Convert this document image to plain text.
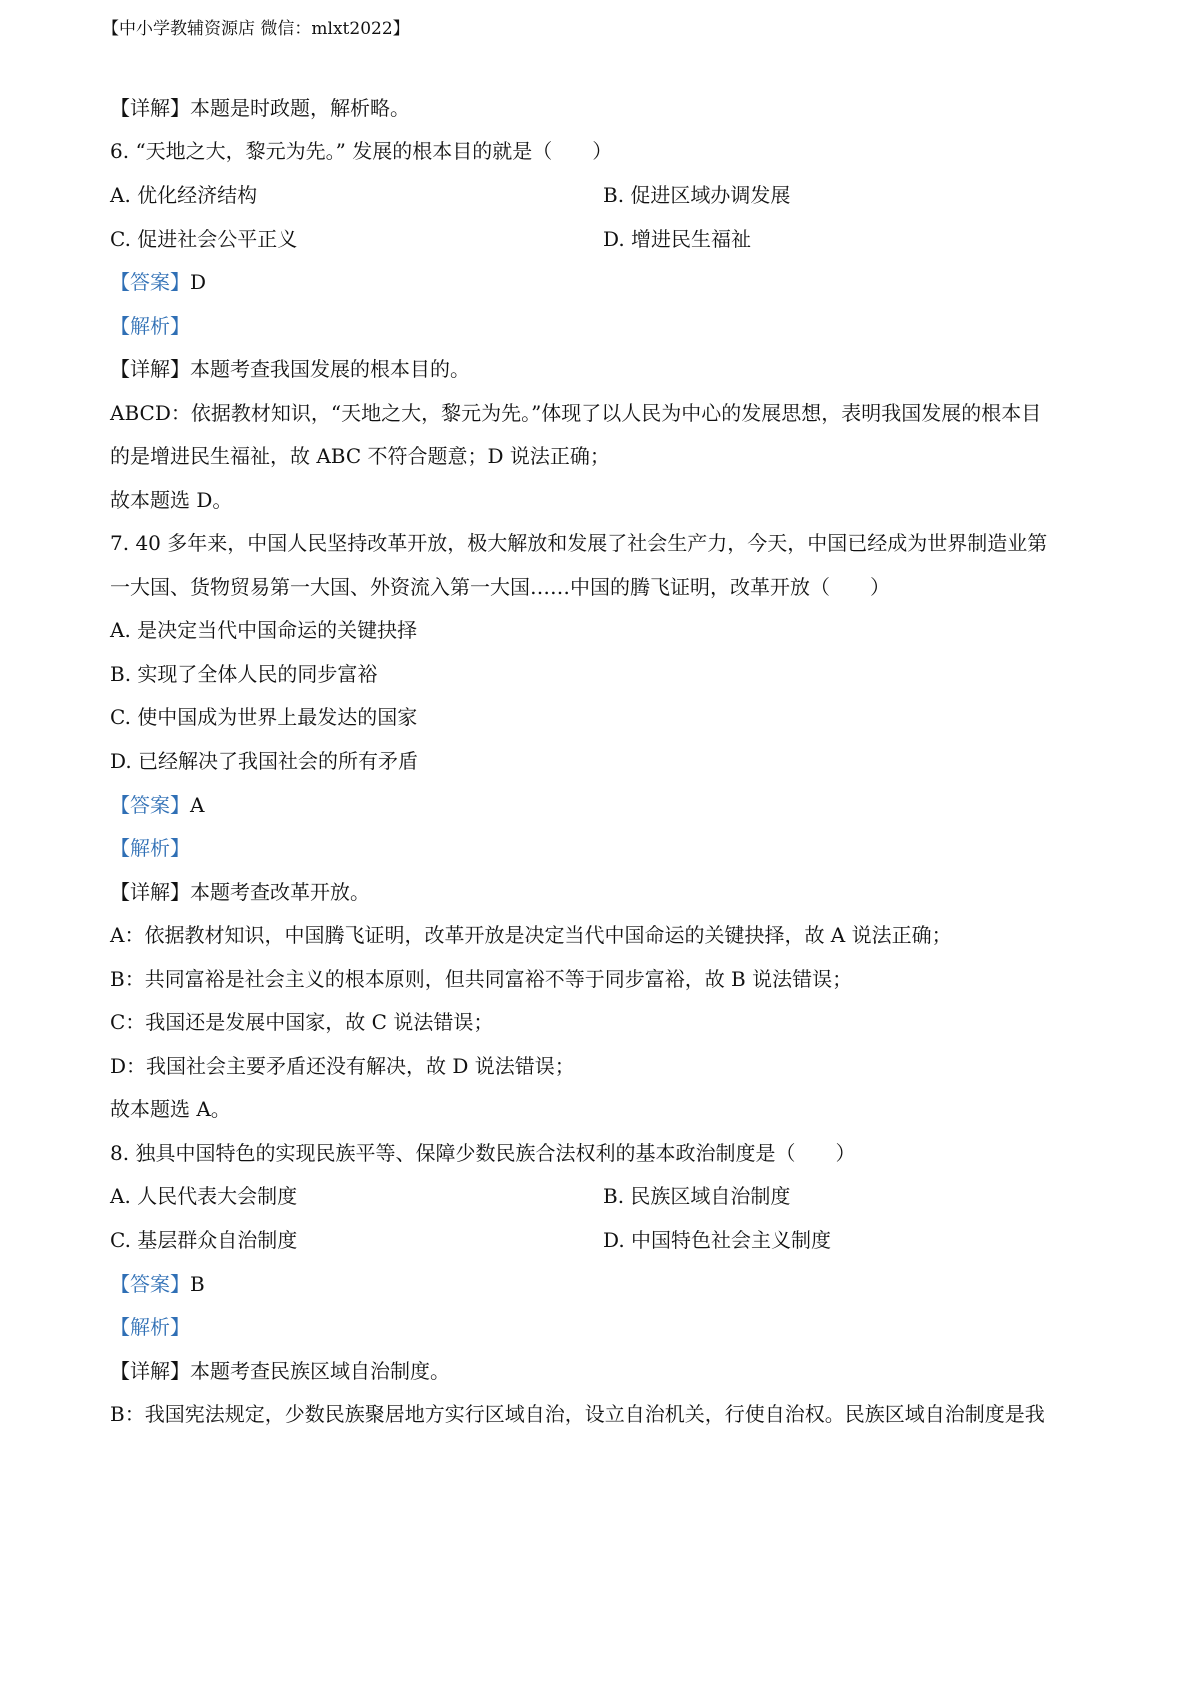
【中小学教辅资源店 微信：mlxt2022】
【详解】本题是时政题，解析略。
6. “天地之大，黎元为先。” 发展的根本目的就是（　　）
A. 优化经济结构	B. 促进区域办调发展
C. 促进社会公平正义	D. 增进民生福祉
【答案】D
【解析】
【详解】本题考查我国发展的根本目的。
ABCD：依据教材知识，“天地之大，黎元为先。”体现了以人民为中心的发展思想，表明我国发展的根本目
的是增进民生福祉，故 ABC 不符合题意；D 说法正确；
故本题选 D。
7. 40 多年来，中国人民坚持改革开放，极大解放和发展了社会生产力，今天，中国已经成为世界制造业第
一大国、货物贸易第一大国、外资流入第一大国……中国的腾飞证明，改革开放（　　）
A. 是决定当代中国命运的关键抉择
B. 实现了全体人民的同步富裕
C. 使中国成为世界上最发达的国家
D. 已经解决了我国社会的所有矛盾
【答案】A
【解析】
【详解】本题考查改革开放。
A：依据教材知识，中国腾飞证明，改革开放是决定当代中国命运的关键抉择，故 A 说法正确；
B：共同富裕是社会主义的根本原则，但共同富裕不等于同步富裕，故 B 说法错误；
C：我国还是发展中国家，故 C 说法错误；
D：我国社会主要矛盾还没有解决，故 D 说法错误；
故本题选 A。
8. 独具中国特色的实现民族平等、保障少数民族合法权利的基本政治制度是（　　）
A. 人民代表大会制度	B. 民族区域自治制度
C. 基层群众自治制度	D. 中国特色社会主义制度
【答案】B
【解析】
【详解】本题考查民族区域自治制度。
B：我国宪法规定，少数民族聚居地方实行区域自治，设立自治机关，行使自治权。民族区域自治制度是我
